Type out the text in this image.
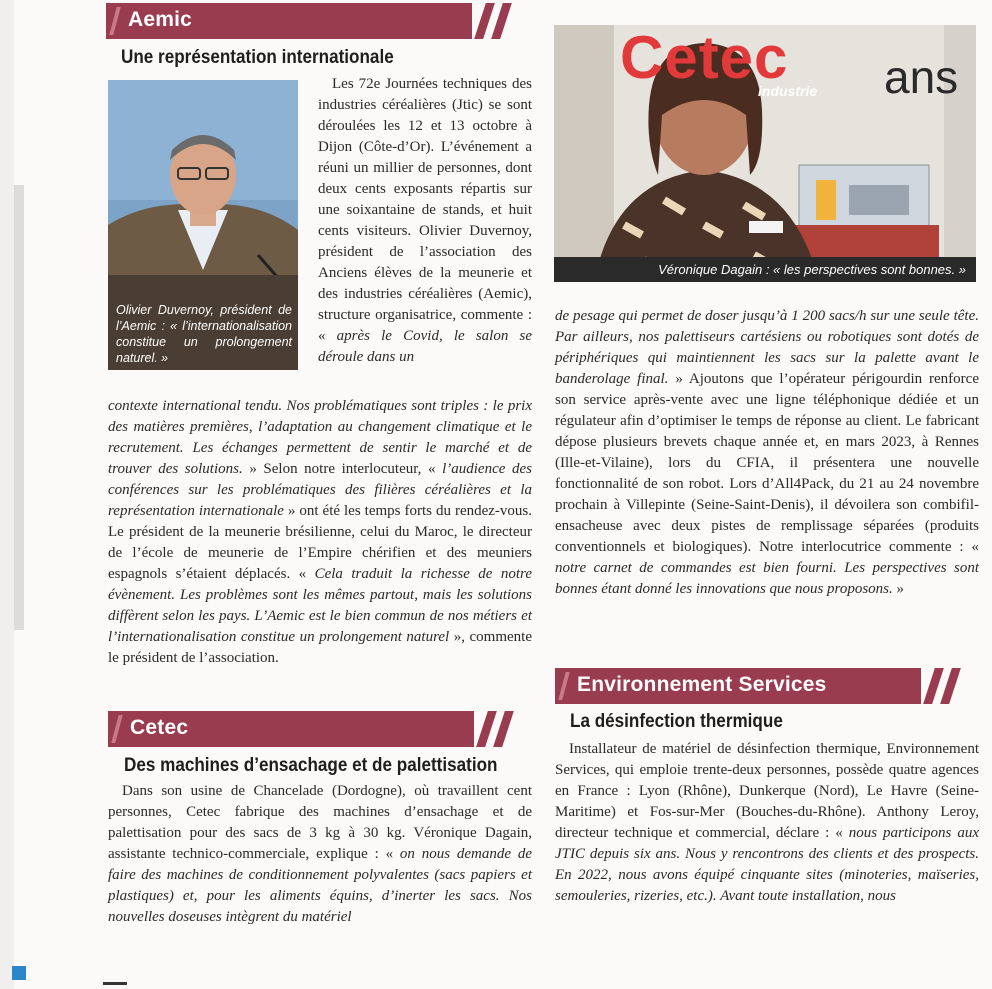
Aemic
Une représentation internationale
Olivier Duvernoy, président de l’Aemic : « l’internationalisation constitue un prolongement naturel. »

Les 72e Journées techniques des industries céréalières (Jtic) se sont déroulées les 12 et 13 octobre à Dijon (Côte-d’Or). L’événement a réuni un millier de personnes, dont deux cents exposants répartis sur une soixantaine de stands, et huit cents visiteurs. Olivier Duvernoy, président de l’association des Anciens élèves de la meunerie et des industries céréalières (Aemic), structure organisatrice, commente : « après le Covid, le salon se déroule dans un

contexte international tendu. Nos problématiques sont triples : le prix des matières premières, l’adaptation au changement climatique et le recrutement. Les échanges permettent de sentir le marché et de trouver des solutions. » Selon notre interlocuteur, « l’audience des conférences sur les problématiques des filières céréalières et la représentation internationale » ont été les temps forts du rendez-vous. Le président de la meunerie brésilienne, celui du Maroc, le directeur de l’école de meunerie de l’Empire chérifien et des meuniers espagnols s’étaient déplacés. « Cela traduit la richesse de notre évènement. Les problèmes sont les mêmes partout, mais les solutions diffèrent selon les pays. L’Aemic est le bien commun de nos métiers et l’internationalisation constitue un prolongement naturel », commente le président de l’association.

Cetec
Des machines d’ensachage et de palettisation

Dans son usine de Chancelade (Dordogne), où travaillent cent personnes, Cetec fabrique des machines d’ensachage et de palettisation pour des sacs de 3 kg à 30 kg. Véronique Dagain, assistante technico-commerciale, explique : « on nous demande de faire des machines de conditionnement polyvalentes (sacs papiers et plastiques) et, pour les aliments équins, d’inerter les sacs. Nos nouvelles doseuses intègrent du matériel

Cetec
industrie ans
Véronique Dagain : « les perspectives sont bonnes. »

de pesage qui permet de doser jusqu’à 1 200 sacs/h sur une seule tête. Par ailleurs, nos palettiseurs cartésiens ou robotiques sont dotés de périphériques qui maintiennent les sacs sur la palette avant le banderolage final. » Ajoutons que l’opérateur périgourdin renforce son service après-vente avec une ligne téléphonique dédiée et un régulateur afin d’optimiser le temps de réponse au client. Le fabricant dépose plusieurs brevets chaque année et, en mars 2023, à Rennes (Ille-et-Vilaine), lors du CFIA, il présentera une nouvelle fonctionnalité de son robot. Lors d’All4Pack, du 21 au 24 novembre prochain à Villepinte (Seine-Saint-Denis), il dévoilera son combifil-ensacheuse avec deux pistes de remplissage séparées (produits conventionnels et biologiques). Notre interlocutrice commente : « notre carnet de commandes est bien fourni. Les perspectives sont bonnes étant donné les innovations que nous proposons. »

Environnement Services
La désinfection thermique

Installateur de matériel de désinfection thermique, Environnement Services, qui emploie trente-deux personnes, possède quatre agences en France : Lyon (Rhône), Dunkerque (Nord), Le Havre (Seine-Maritime) et Fos-sur-Mer (Bouches-du-Rhône). Anthony Leroy, directeur technique et commercial, déclare : « nous participons aux JTIC depuis six ans. Nous y rencontrons des clients et des prospects. En 2022, nous avons équipé cinquante sites (minoteries, maïseries, semouleries, rizeries, etc.). Avant toute installation, nous
